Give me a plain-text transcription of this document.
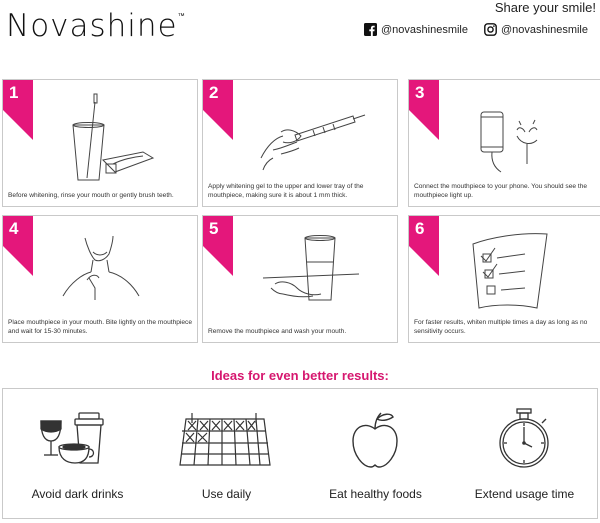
Novashine™
Share your smile!
@novashinesmile	@novashinesmile
1
Before whitening, rinse your mouth or gently brush teeth.
2
Apply whitening gel to the upper and lower tray of the mouthpiece, making sure it is about 1 mm thick.
3
Connect the mouthpiece to your phone. You should see the mouthpiece light up.
4
Place mouthpiece in your mouth. Bite lightly on the mouthpiece and wait for 15-30 minutes.
5
Remove the mouthpiece and wash your mouth.
6
For faster results, whiten multiple times a day as long as no sensitivity occurs.
Ideas for even better results:
Avoid dark drinks	Use daily	Eat healthy foods	Extend usage time
